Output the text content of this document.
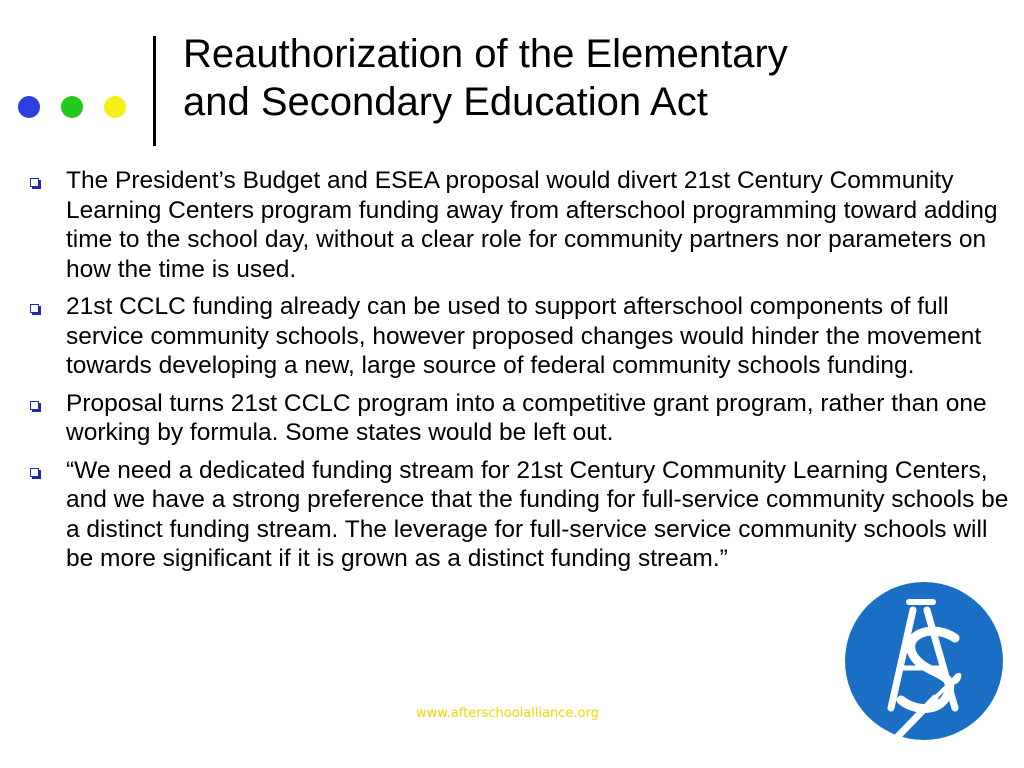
Reauthorization of the Elementary
and Secondary Education Act
The President’s Budget and ESEA proposal would divert 21st Century Community Learning Centers program funding away from afterschool programming toward adding time to the school day, without a clear role for community partners nor parameters on how the time is used.
21st CCLC funding already can be used to support afterschool components of full service community schools, however proposed changes would hinder the movement towards developing a new, large source of federal community schools funding.
Proposal turns 21st CCLC program into a competitive grant program, rather than one working by formula. Some states would be left out.
“We need a dedicated funding stream for 21st Century Community Learning Centers, and we have a strong preference that the funding for full-service community schools be a distinct funding stream. The leverage for full-service service community schools will be more significant if it is grown as a distinct funding stream.”
www.afterschoolalliance.org
